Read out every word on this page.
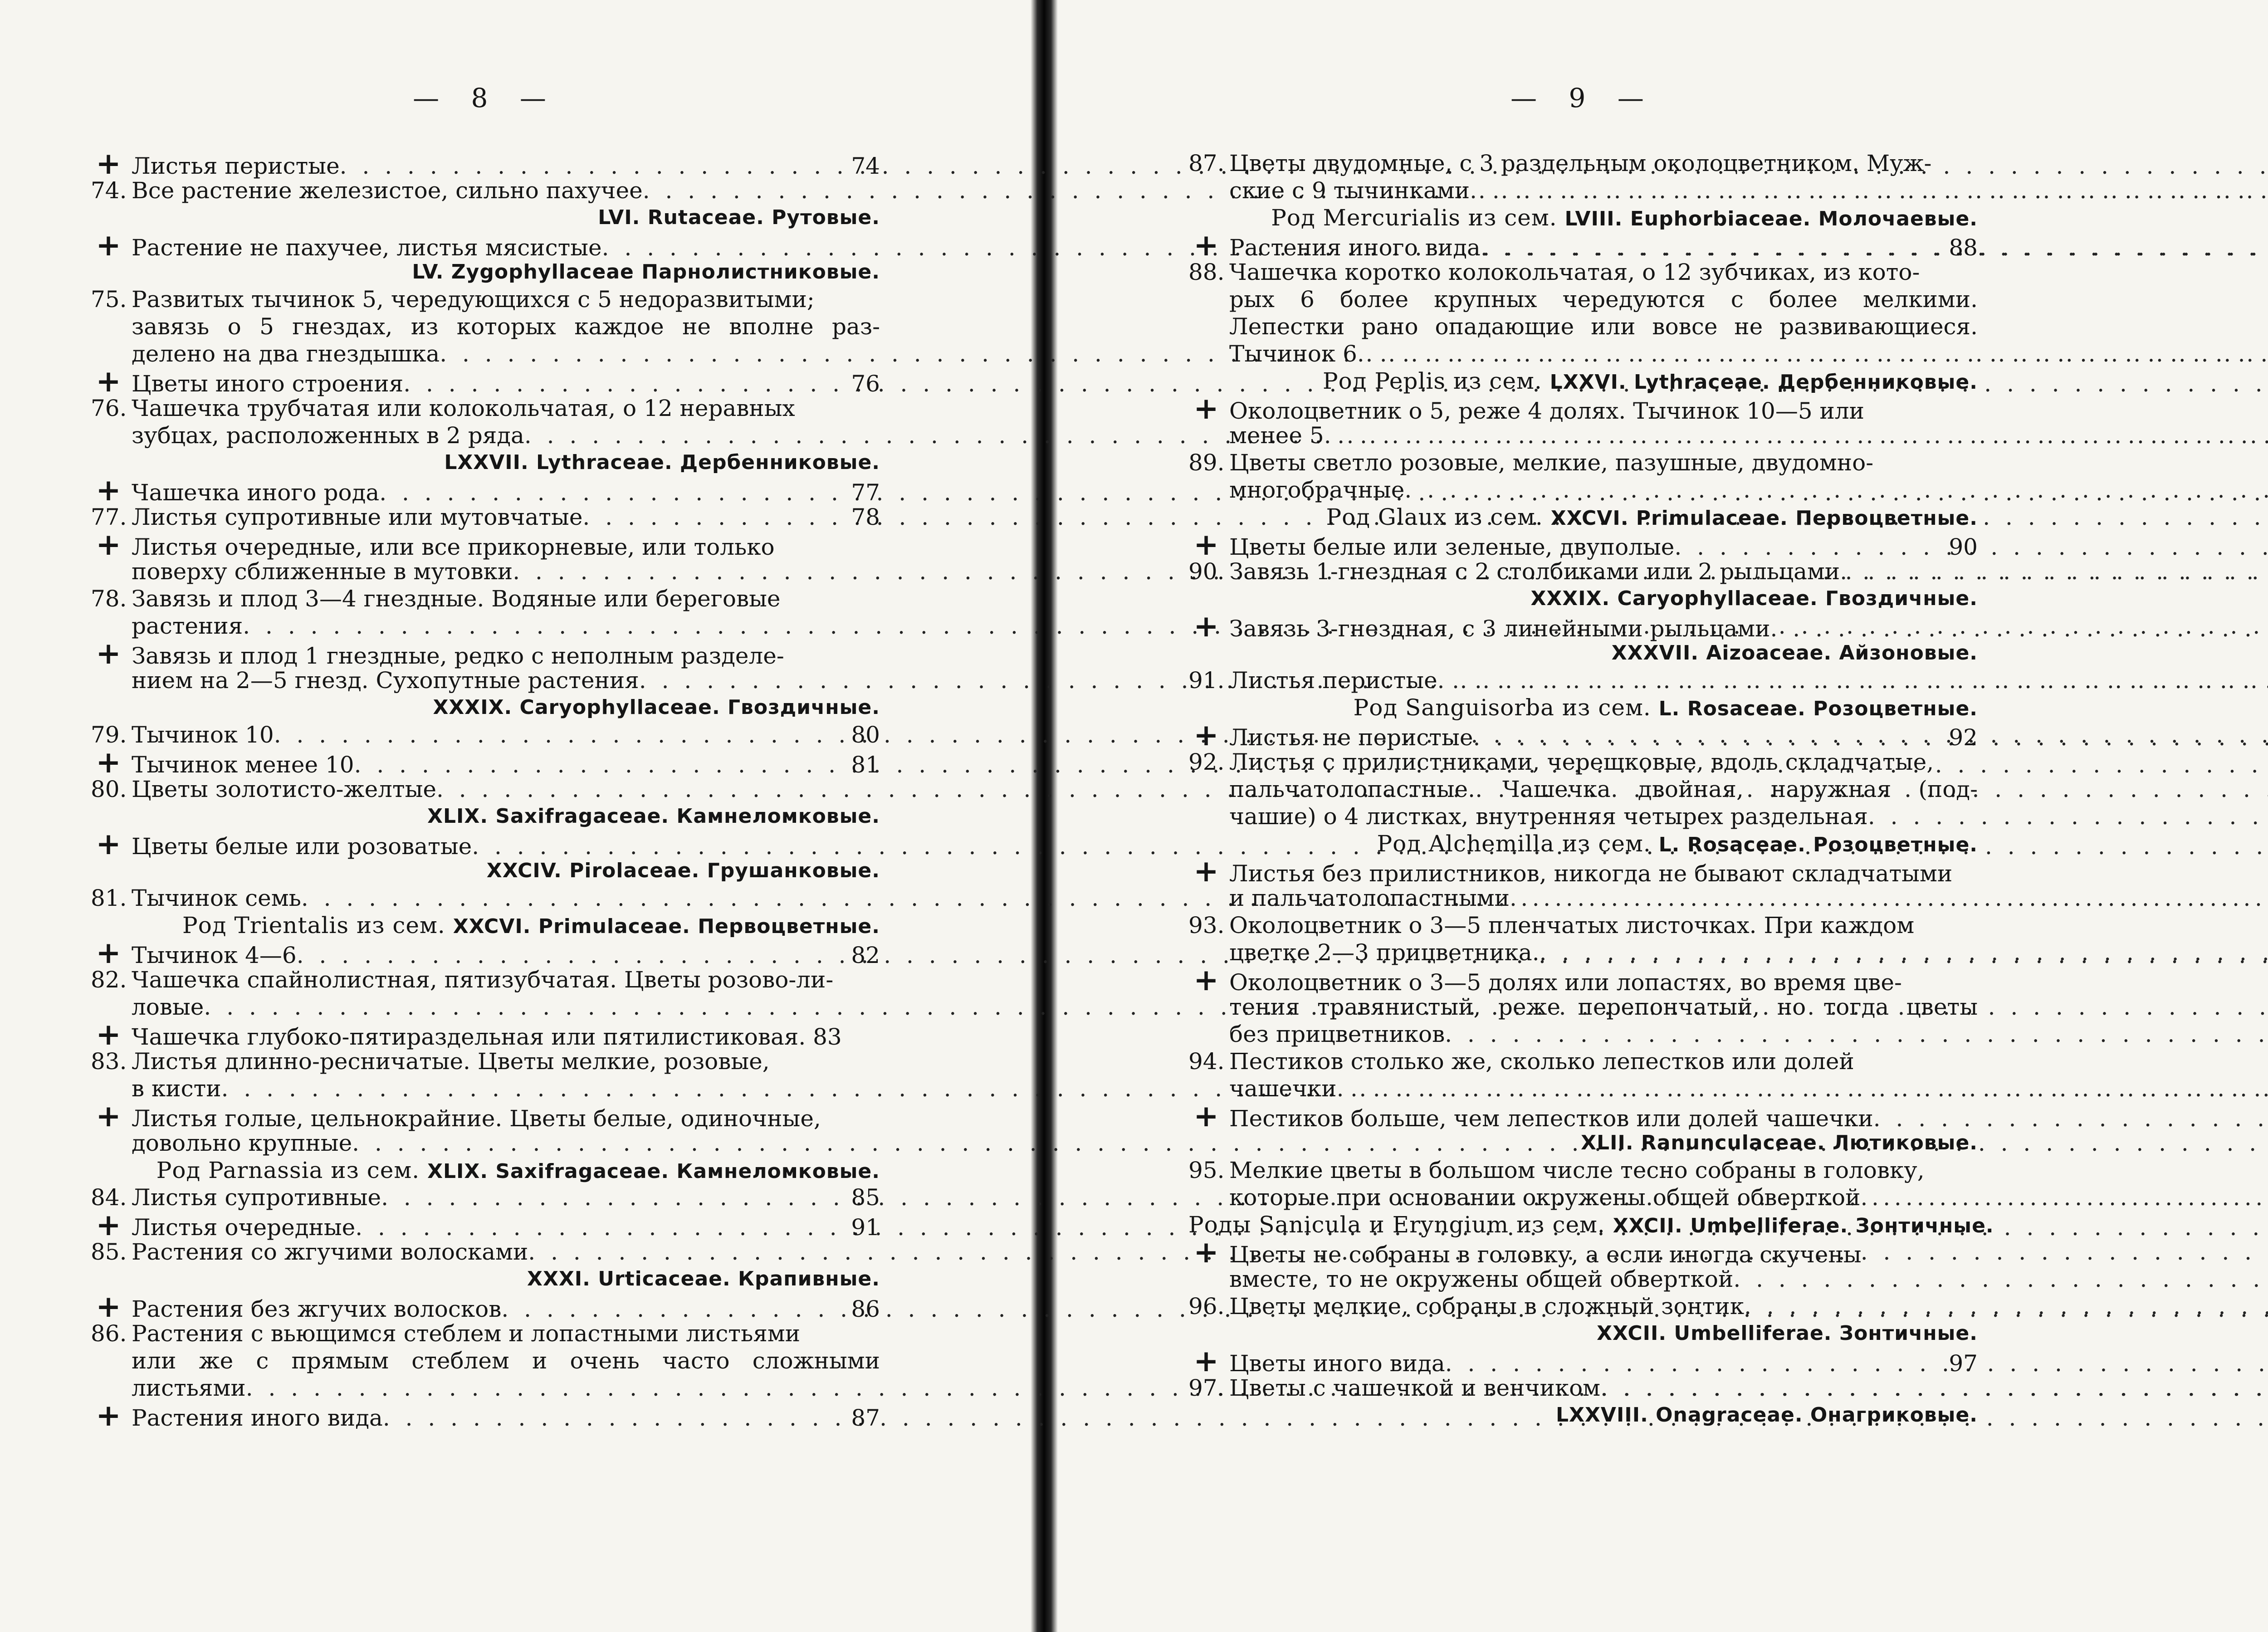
— 8 —
+ Листья перистые . . .	74
74. Все растение железистое, сильно пахучее
. . .
LVI. Rutaceae. Рутовые.
+ Растение не пахучее, листья мясистые
. . .
LV. Zygophyllaceae Парнолистниковые.
75. Развитых тычинок 5, чередующихся с 5 недоразвитыми;
завязь о 5 гнездах, из которых каждое не вполне раз-
делено на два гнездышка
. . .
+ Цветы иного строения . . .	76
76. Чашечка трубчатая или колокольчатая, о 12 неравных
зубцах, расположенных в 2 ряда
. . .
LXXVII. Lythraceae. Дербенниковые.
+ Чашечка иного рода . . .	77
77. Листья супротивные или мутовчатые . . .	78
+ Листья очередные, или все прикорневые, или только
поверху сближенные в мутовки
. . .
78. Завязь и плод 3—4 гнездные. Водяные или береговые
растения
. . .
+ Завязь и плод 1 гнездные, редко с неполным разделе-
нием на 2—5 гнезд. Сухопутные растения
. . .
XXXIX. Caryophyllaceae. Гвоздичные.
79. Тычинок 10 . . .	80
+ Тычинок менее 10 . . .	81
80. Цветы золотисто-желтые
. . .
XLIX. Saxifragaceae. Камнеломковые.
+ Цветы белые или розоватые
. . .
XXCIV. Pirolaceae. Грушанковые.
81. Тычинок семь
. . .
Род Trientalis из сем. XXCVI. Primulaceae. Первоцветные.
+ Тычинок 4—6 . . .	82
82. Чашечка спайнолистная, пятизубчатая. Цветы розово-ли-
ловые
. . .
+ Чашечка глубоко-пятираздельная или пятилистиковая. 83
83. Листья длинно-ресничатые. Цветы мелкие, розовые,
в кисти
. . .
+ Листья голые, цельнокрайние. Цветы белые, одиночные,
довольно крупные
. . .
Род Parnassia из сем. XLIX. Saxifragaceae. Камнеломковые.
84. Листья супротивные . . .	85
+ Листья очередные . . .	91
85. Растения со жгучими волосками
. . .
XXXI. Urticaceae. Крапивные.
+ Растения без жгучих волосков . . .	86
86. Растения с вьющимся стеблем и лопастными листьями
или же с прямым стеблем и очень часто сложными
листьями
. . .
+ Растения иного вида . . .	87
— 9 —
87. Цветы двудомные, с 3 раздельным околоцветником. Муж-
ские с 9 тычинками
. . .
Род Mercurialis из сем. LVIII. Euphorbiaceae. Молочаевые.
+ Растения иного вида . . .	88
88. Чашечка коротко колокольчатая, о 12 зубчиках, из кото-
рых 6 более крупных чередуются с более мелкими.
Лепестки рано опадающие или вовсе не развивающиеся.
Тычинок 6
. . .
Род Peplis из сем. LXXVI. Lythraceae. Дербенниковые.
+ Околоцветник о 5, реже 4 долях. Тычинок 10—5 или
менее 5
. . .
89. Цветы светло розовые, мелкие, пазушные, двудомно-
многобрачные
. . .
Род Glaux из сем. XXCVI. Primulaceae. Первоцветные.
+ Цветы белые или зеленые, двуполые . . .	90
90. Завязь 1-гнездная с 2 столбиками или 2 рыльцами
. . .
XXXIX. Caryophyllaceae. Гвоздичные.
+ Завязь 3-гнездная, с 3 линейными рыльцами
. . .
XXXVII. Aizoaceae. Айзоновые.
91. Листья перистые
. . .
Род Sanguisorba из сем. L. Rosaceae. Розоцветные.
+ Листья не перистые . . .	92
92. Листья с прилистниками, черешковые, вдоль складчатые,
пальчатолопастные. Чашечка двойная, наружная (под-
чашие) о 4 листках, внутренняя четырех раздельная
. . .
Род Alchemilla из сем. L. Rosaceae. Розоцветные.
+ Листья без прилистников, никогда не бывают складчатыми
и пальчатолопастными
. . .
93. Околоцветник о 3—5 пленчатых листочках. При каждом
цветке 2—3 прицветника.
. . .
+ Околоцветник о 3—5 долях или лопастях, во время цве-
тения травянистый, реже перепончатый, но тогда цветы
без прицветников
. . .
94. Пестиков столько же, сколько лепестков или долей
чашечки
. . .
+ Пестиков больше, чем лепестков или долей чашечки
. . .
XLII. Ranunculaceae. Лютиковые.
95. Мелкие цветы в большом числе тесно собраны в головку,
которые при основании окружены общей обверткой
. . .
Роды Sanicula и Eryngium из сем. XXCII. Umbelliferae. Зонтичные.
+ Цветы не собраны в головку, а если иногда скучены
вместе, то не окружены общей обверткой
. . .
96. Цветы мелкие, собраны в сложный зонтик
. . .
XXCII. Umbelliferae. Зонтичные.
+ Цветы иного вида . . .	97
97. Цветы с чашечкой и венчиком
. . .
LXXVIII. Onagraceae. Онагриковые.
